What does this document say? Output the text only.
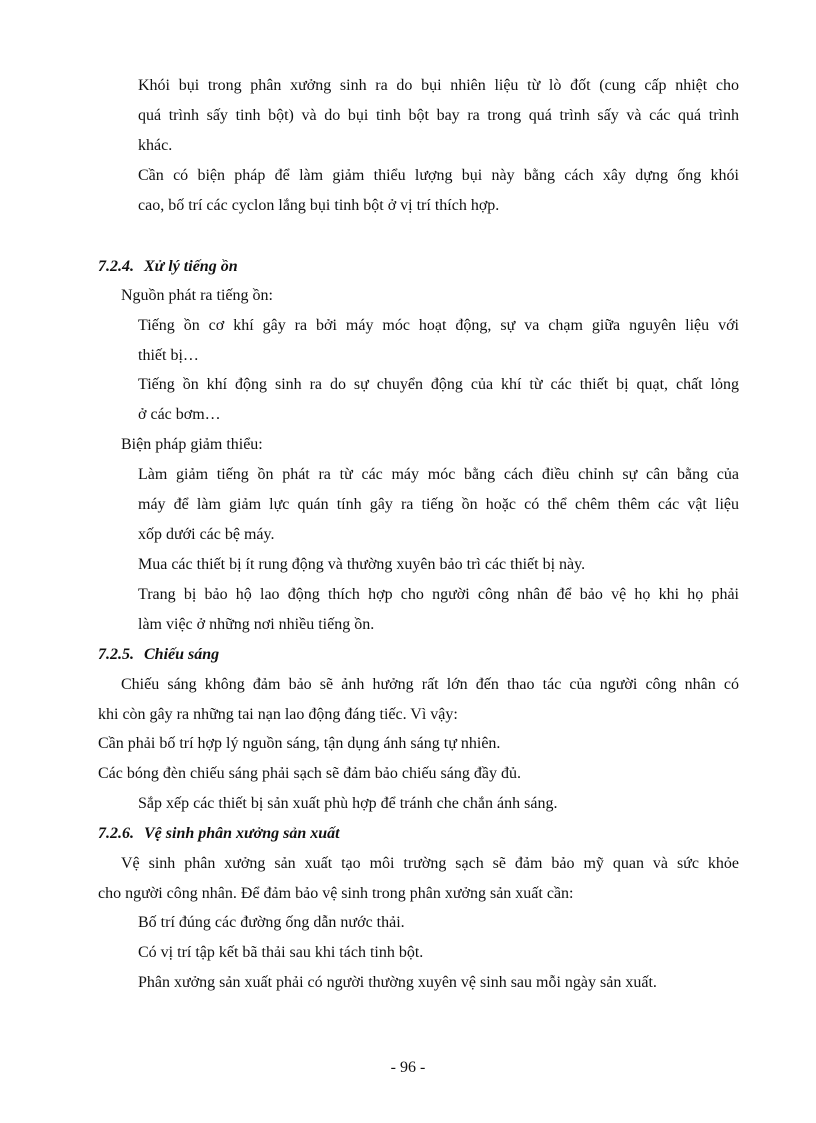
Khói bụi trong phân xưởng sinh ra do bụi nhiên liệu từ lò đốt (cung cấp nhiệt cho
quá trình sấy tinh bột) và do bụi tinh bột bay ra trong quá trình sấy và các quá trình
khác.
Cần có biện pháp để làm giảm thiểu lượng bụi này bằng cách xây dựng ống khói
cao, bố trí các cyclon lắng bụi tinh bột ở vị trí thích hợp.
7.2.4. Xử lý tiếng ồn
Nguồn phát ra tiếng ồn:
Tiếng ồn cơ khí gây ra bởi máy móc hoạt động, sự va chạm giữa nguyên liệu với
thiết bị…
Tiếng ồn khí động sinh ra do sự chuyển động của khí từ các thiết bị quạt, chất lỏng
ở các bơm…
Biện pháp giảm thiểu:
Làm giảm tiếng ồn phát ra từ các máy móc bằng cách điều chỉnh sự cân bằng của
máy để làm giảm lực quán tính gây ra tiếng ồn hoặc có thể chêm thêm các vật liệu
xốp dưới các bệ máy.
Mua các thiết bị ít rung động và thường xuyên bảo trì các thiết bị này.
Trang bị bảo hộ lao động thích hợp cho người công nhân để bảo vệ họ khi họ phải
làm việc ở những nơi nhiều tiếng ồn.
7.2.5. Chiếu sáng
Chiếu sáng không đảm bảo sẽ ảnh hưởng rất lớn đến thao tác của người công nhân có
khi còn gây ra những tai nạn lao động đáng tiếc. Vì vậy:
Cần phải bố trí hợp lý nguồn sáng, tận dụng ánh sáng tự nhiên.
Các bóng đèn chiếu sáng phải sạch sẽ đảm bảo chiếu sáng đầy đủ.
Sắp xếp các thiết bị sản xuất phù hợp để tránh che chắn ánh sáng.
7.2.6. Vệ sinh phân xưởng sản xuất
Vệ sinh phân xưởng sản xuất tạo môi trường sạch sẽ đảm bảo mỹ quan và sức khỏe
cho người công nhân. Để đảm bảo vệ sinh trong phân xưởng sản xuất cần:
Bố trí đúng các đường ống dẫn nước thải.
Có vị trí tập kết bã thải sau khi tách tinh bột.
Phân xưởng sản xuất phải có người thường xuyên vệ sinh sau mỗi ngày sản xuất.
- 96 -
